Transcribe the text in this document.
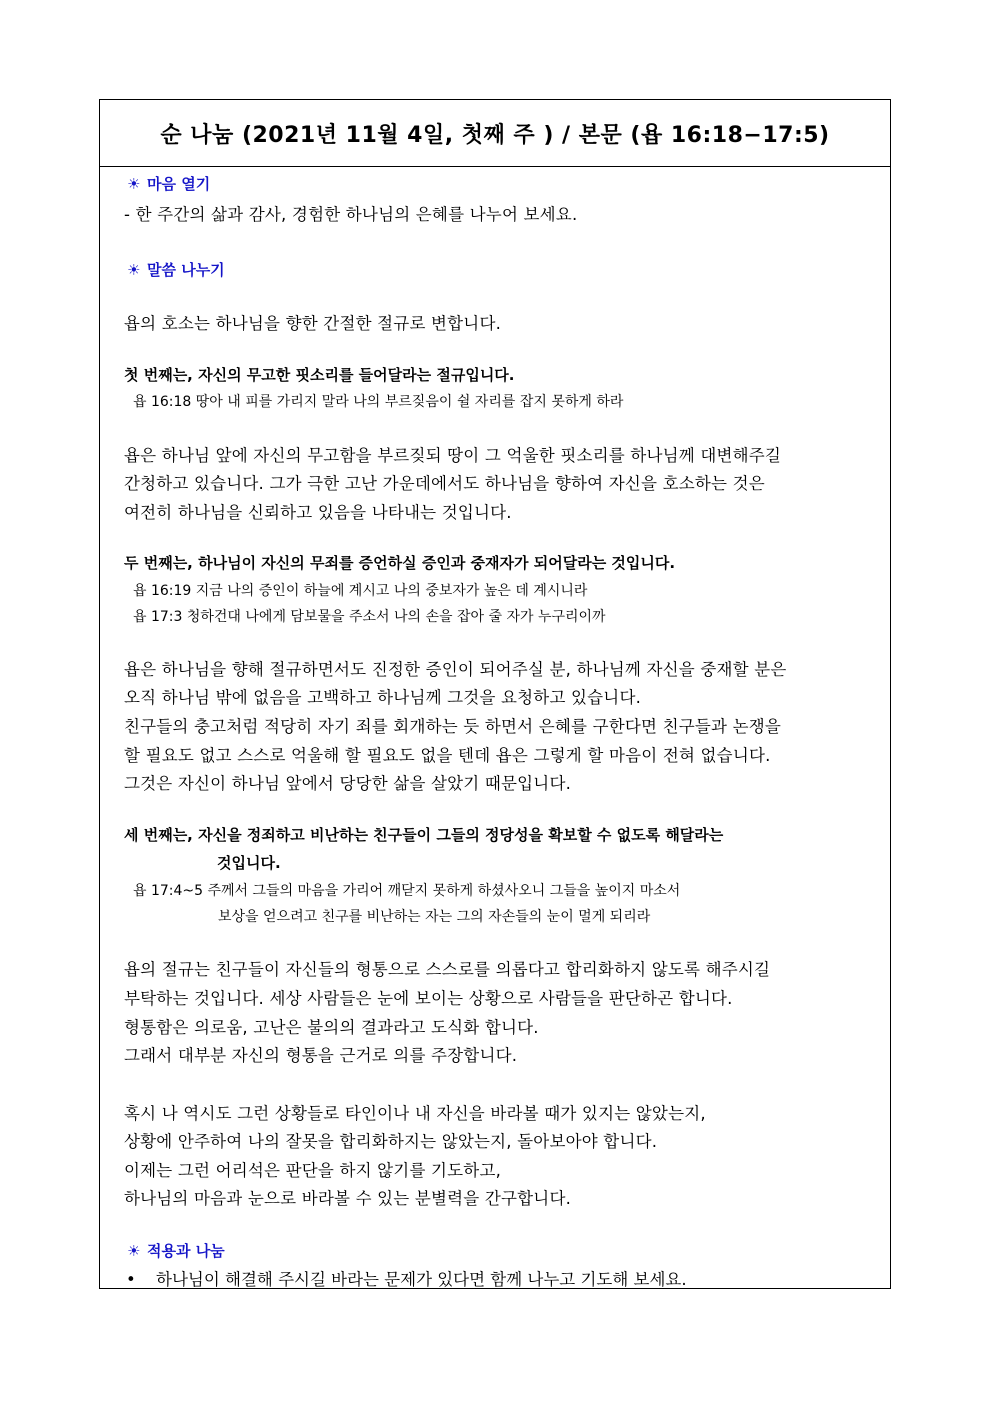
순 나눔 (2021년 11월 4일, 첫째 주 ) / 본문 (욥 16:18−17:5)
☀ 마음 열기
- 한 주간의 삶과 감사, 경험한 하나님의 은혜를 나누어 보세요.
☀ 말씀 나누기
욥의 호소는 하나님을 향한 간절한 절규로 변합니다.
첫 번째는, 자신의 무고한 핏소리를 들어달라는 절규입니다.
욥 16:18 땅아 내 피를 가리지 말라 나의 부르짖음이 쉴 자리를 잡지 못하게 하라
욥은 하나님 앞에 자신의 무고함을 부르짖되 땅이 그 억울한 핏소리를 하나님께 대변해주길
간청하고 있습니다. 그가 극한 고난 가운데에서도 하나님을 향하여 자신을 호소하는 것은
여전히 하나님을 신뢰하고 있음을 나타내는 것입니다.
두 번째는, 하나님이 자신의 무죄를 증언하실 증인과 중재자가 되어달라는 것입니다.
욥 16:19 지금 나의 증인이 하늘에 계시고 나의 중보자가 높은 데 계시니라
욥 17:3 청하건대 나에게 담보물을 주소서 나의 손을 잡아 줄 자가 누구리이까
욥은 하나님을 향해 절규하면서도 진정한 증인이 되어주실 분, 하나님께 자신을 중재할 분은
오직 하나님 밖에 없음을 고백하고 하나님께 그것을 요청하고 있습니다.
친구들의 충고처럼 적당히 자기 죄를 회개하는 듯 하면서 은혜를 구한다면 친구들과 논쟁을
할 필요도 없고 스스로 억울해 할 필요도 없을 텐데 욥은 그렇게 할 마음이 전혀 없습니다.
그것은 자신이 하나님 앞에서 당당한 삶을 살았기 때문입니다.
세 번째는, 자신을 정죄하고 비난하는 친구들이 그들의 정당성을 확보할 수 없도록 해달라는
것입니다.
욥 17:4~5 주께서 그들의 마음을 가리어 깨닫지 못하게 하셨사오니 그들을 높이지 마소서
보상을 얻으려고 친구를 비난하는 자는 그의 자손들의 눈이 멀게 되리라
욥의 절규는 친구들이 자신들의 형통으로 스스로를 의롭다고 합리화하지 않도록 해주시길
부탁하는 것입니다. 세상 사람들은 눈에 보이는 상황으로 사람들을 판단하곤 합니다.
형통함은 의로움, 고난은 불의의 결과라고 도식화 합니다.
그래서 대부분 자신의 형통을 근거로 의를 주장합니다.
혹시 나 역시도 그런 상황들로 타인이나 내 자신을 바라볼 때가 있지는 않았는지,
상황에 안주하여 나의 잘못을 합리화하지는 않았는지, 돌아보아야 합니다.
이제는 그런 어리석은 판단을 하지 않기를 기도하고,
하나님의 마음과 눈으로 바라볼 수 있는 분별력을 간구합니다.
☀ 적용과 나눔
• 하나님이 해결해 주시길 바라는 문제가 있다면 함께 나누고 기도해 보세요.
